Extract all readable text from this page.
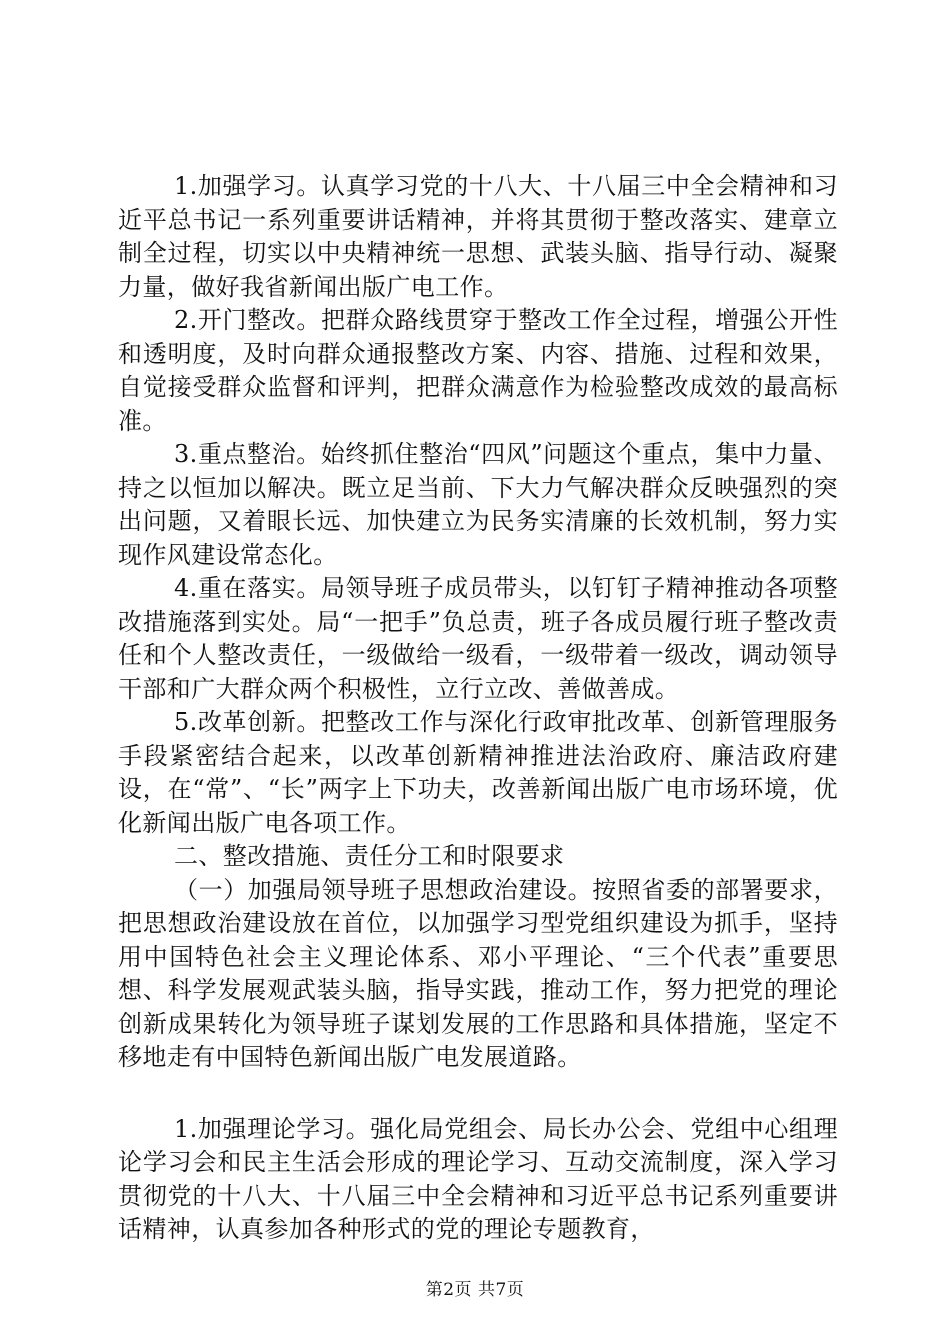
1.加强学习。认真学习党的十八大、十八届三中全会精神和习近平总书记一系列重要讲话精神，并将其贯彻于整改落实、建章立制全过程，切实以中央精神统一思想、武装头脑、指导行动、凝聚力量，做好我省新闻出版广电工作。

2.开门整改。把群众路线贯穿于整改工作全过程，增强公开性和透明度，及时向群众通报整改方案、内容、措施、过程和效果，自觉接受群众监督和评判，把群众满意作为检验整改成效的最高标准。

3.重点整治。始终抓住整治“四风”问题这个重点，集中力量、持之以恒加以解决。既立足当前、下大力气解决群众反映强烈的突出问题，又着眼长远、加快建立为民务实清廉的长效机制，努力实现作风建设常态化。

4.重在落实。局领导班子成员带头，以钉钉子精神推动各项整改措施落到实处。局“一把手”负总责，班子各成员履行班子整改责任和个人整改责任，一级做给一级看，一级带着一级改，调动领导干部和广大群众两个积极性，立行立改、善做善成。

5.改革创新。把整改工作与深化行政审批改革、创新管理服务手段紧密结合起来，以改革创新精神推进法治政府、廉洁政府建设，在“常”、“长”两字上下功夫，改善新闻出版广电市场环境，优化新闻出版广电各项工作。

二、整改措施、责任分工和时限要求

（一）加强局领导班子思想政治建设。按照省委的部署要求，把思想政治建设放在首位，以加强学习型党组织建设为抓手，坚持用中国特色社会主义理论体系、邓小平理论、“三个代表”重要思想、科学发展观武装头脑，指导实践，推动工作，努力把党的理论创新成果转化为领导班子谋划发展的工作思路和具体措施，坚定不移地走有中国特色新闻出版广电发展道路。

1.加强理论学习。强化局党组会、局长办公会、党组中心组理论学习会和民主生活会形成的理论学习、互动交流制度，深入学习贯彻党的十八大、十八届三中全会精神和习近平总书记系列重要讲话精神，认真参加各种形式的党的理论专题教育，

第2页 共7页
